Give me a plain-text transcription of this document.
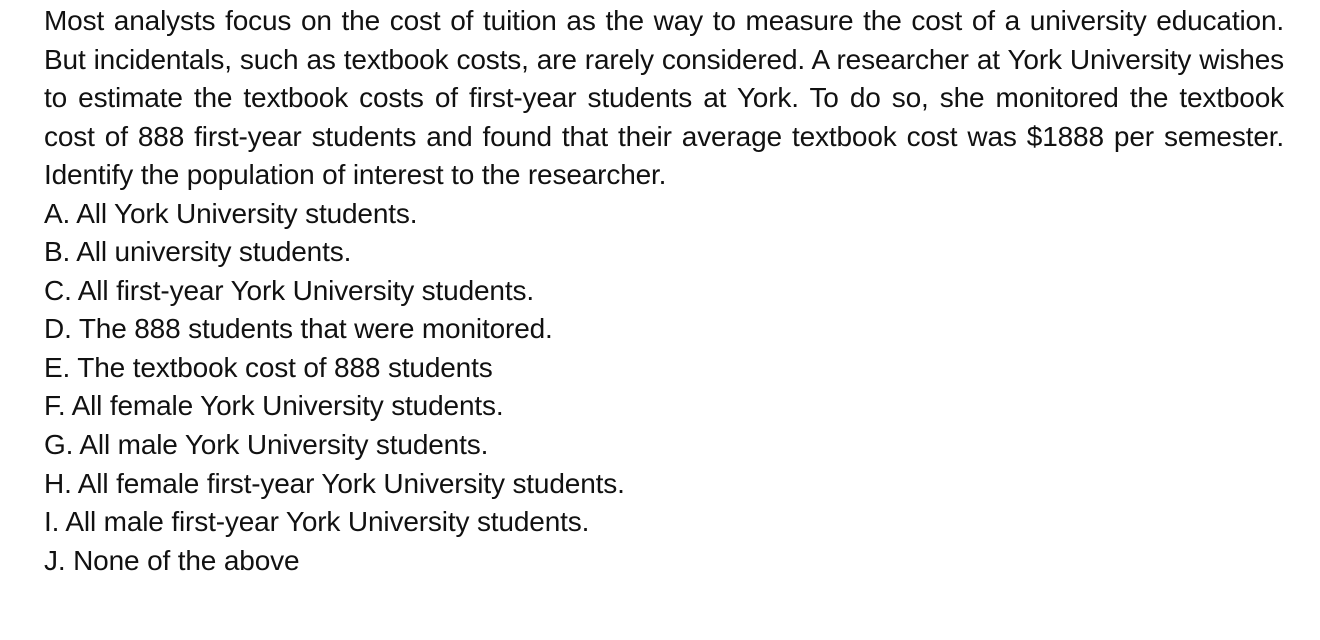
Most analysts focus on the cost of tuition as the way to measure the cost of a university education. But incidentals, such as textbook costs, are rarely considered. A researcher at York University wishes to estimate the textbook costs of first-year students at York. To do so, she monitored the textbook cost of 888 first-year students and found that their average textbook cost was $1888 per semester. Identify the population of interest to the researcher.

A. All York University students.
B. All university students.
C. All first-year York University students.
D. The 888 students that were monitored.
E. The textbook cost of 888 students
F. All female York University students.
G. All male York University students.
H. All female first-year York University students.
I. All male first-year York University students.
J. None of the above
